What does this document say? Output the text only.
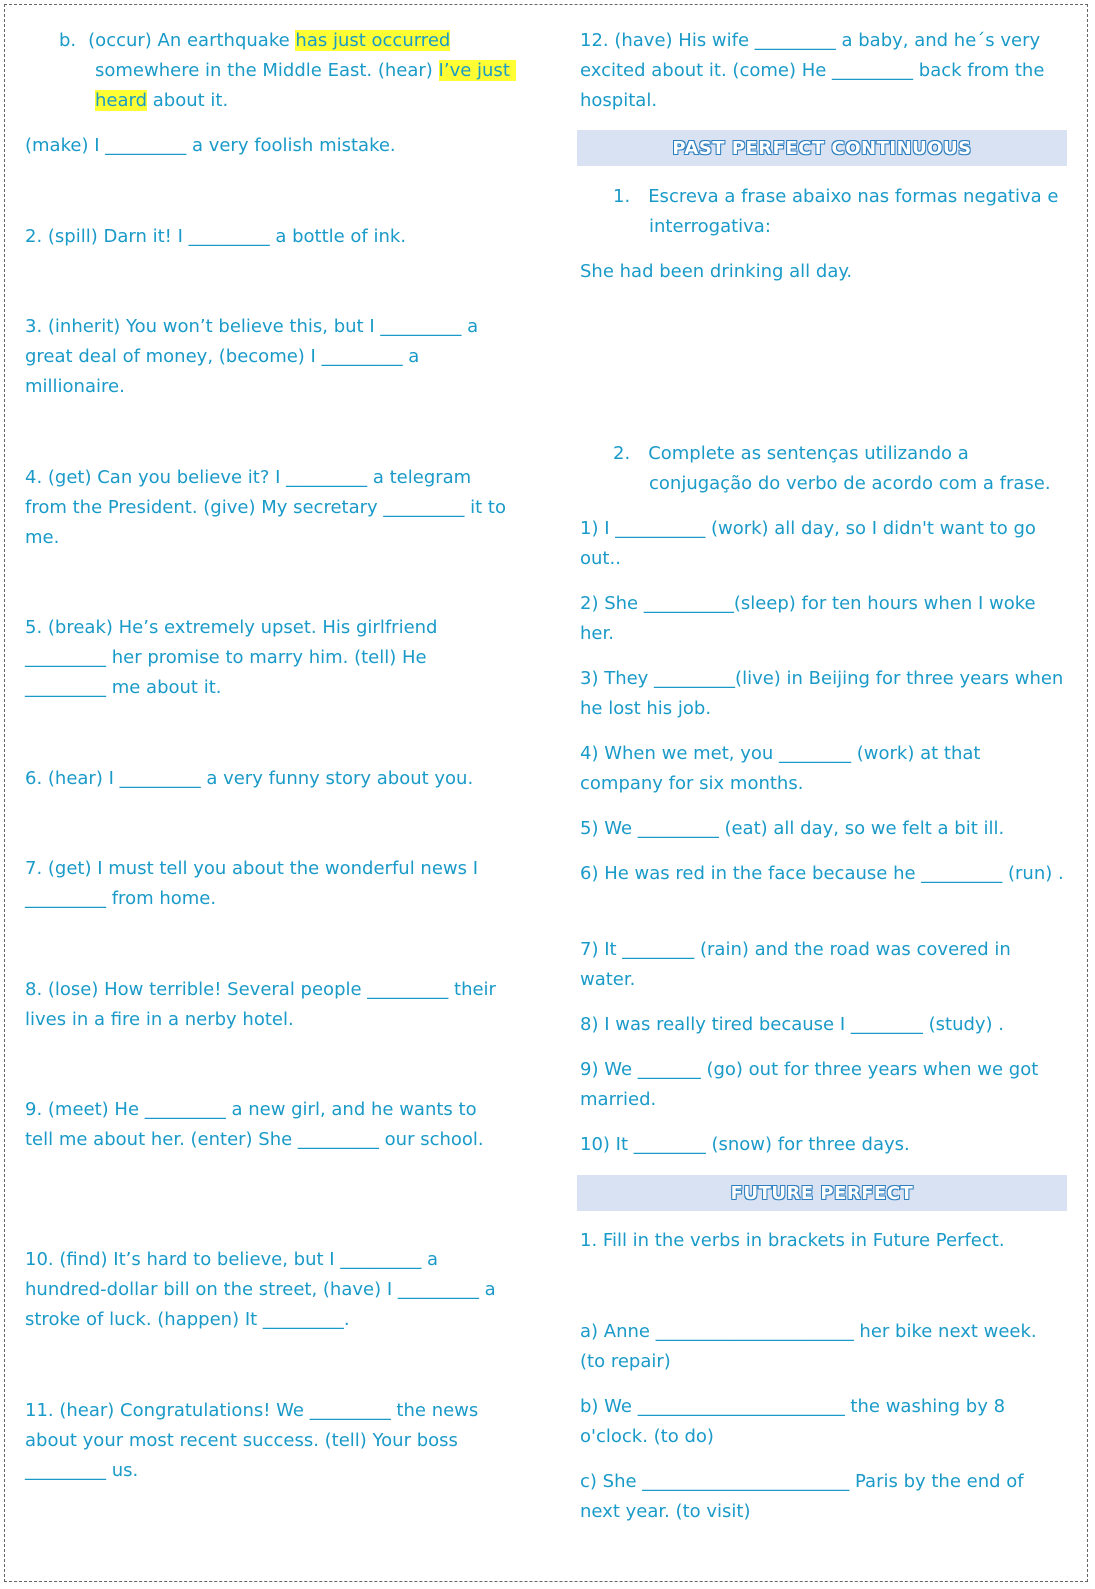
b. (occur) An earthquake has just occurred somewhere in the Middle East. (hear) I’ve just heard about it.
(make) I _________ a very foolish mistake.
2. (spill) Darn it! I _________ a bottle of ink.
3. (inherit) You won’t believe this, but I _________ a great deal of money, (become) I _________ a millionaire.
4. (get) Can you believe it? I _________ a telegram from the President. (give) My secretary _________ it to me.
5. (break) He’s extremely upset. His girlfriend _________ her promise to marry him. (tell) He _________ me about it.
6. (hear) I _________ a very funny story about you.
7. (get) I must tell you about the wonderful news I _________ from home.
8. (lose) How terrible! Several people _________ their lives in a fire in a nerby hotel.
9. (meet) He _________ a new girl, and he wants to tell me about her. (enter) She _________ our school.
10. (find) It’s hard to believe, but I _________ a hundred-dollar bill on the street, (have) I _________ a stroke of luck. (happen) It _________.
11. (hear) Congratulations! We _________ the news about your most recent success. (tell) Your boss _________ us.
12. (have) His wife _________ a baby, and he´s very excited about it. (come) He _________ back from the hospital.
PAST PERFECT CONTINUOUS
1. Escreva a frase abaixo nas formas negativa e interrogativa:
She had been drinking all day.
2. Complete as sentenças utilizando a conjugação do verbo de acordo com a frase.
1) I __________ (work) all day, so I didn't want to go out..
2) She __________(sleep) for ten hours when I woke her.
3) They _________(live) in Beijing for three years when he lost his job.
4) When we met, you ________ (work) at that company for six months.
5) We _________ (eat) all day, so we felt a bit ill.
6) He was red in the face because he _________ (run) .
7) It ________ (rain) and the road was covered in water.
8) I was really tired because I ________ (study) .
9) We _______ (go) out for three years when we got married.
10) It ________ (snow) for three days.
FUTURE PERFECT
1. Fill in the verbs in brackets in Future Perfect.
a) Anne ______________________ her bike next week. (to repair)
b) We _______________________ the washing by 8 o'clock. (to do)
c) She _______________________ Paris by the end of next year. (to visit)
